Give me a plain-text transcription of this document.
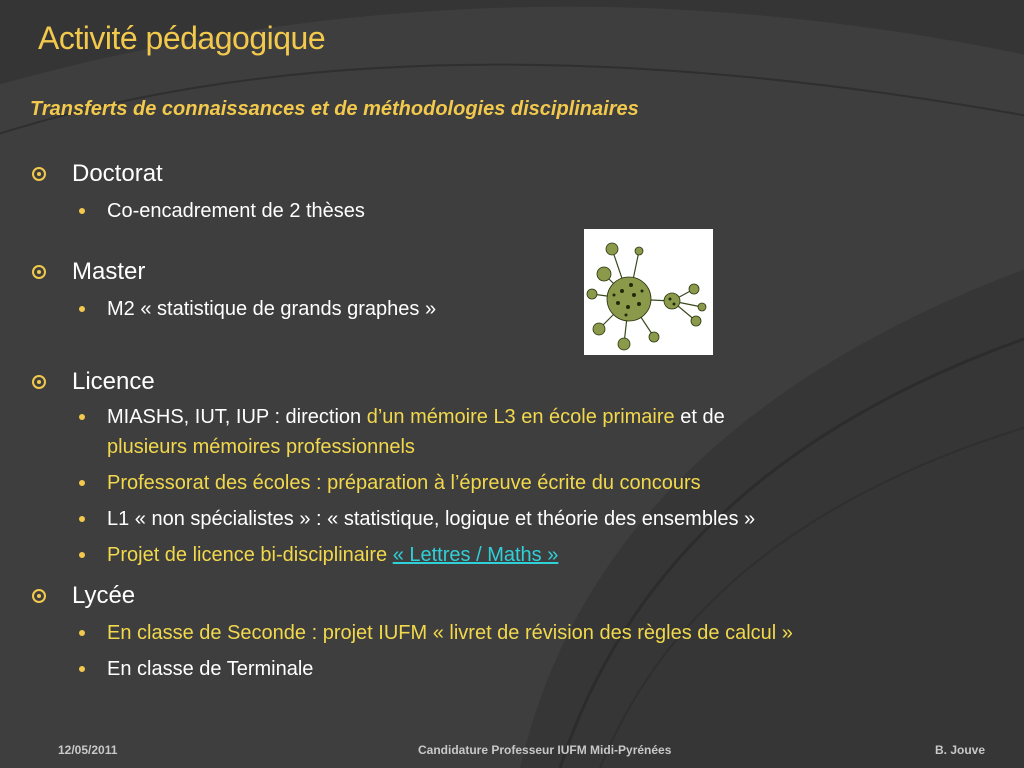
Activité pédagogique
Transferts de connaissances et de méthodologies disciplinaires
Doctorat
Co-encadrement de 2 thèses
Master
M2 « statistique de grands graphes »
Licence
MIASHS, IUT, IUP : direction d’un mémoire L3 en école primaire et de
plusieurs mémoires professionnels
Professorat des écoles : préparation à l’épreuve écrite du concours
L1 « non spécialistes » : « statistique, logique et théorie des ensembles »
Projet de licence bi-disciplinaire « Lettres / Maths »
Lycée
En classe de Seconde : projet IUFM « livret de révision des règles de calcul »
En classe de Terminale
12/05/2011	Candidature Professeur IUFM Midi-Pyrénées	B. Jouve
